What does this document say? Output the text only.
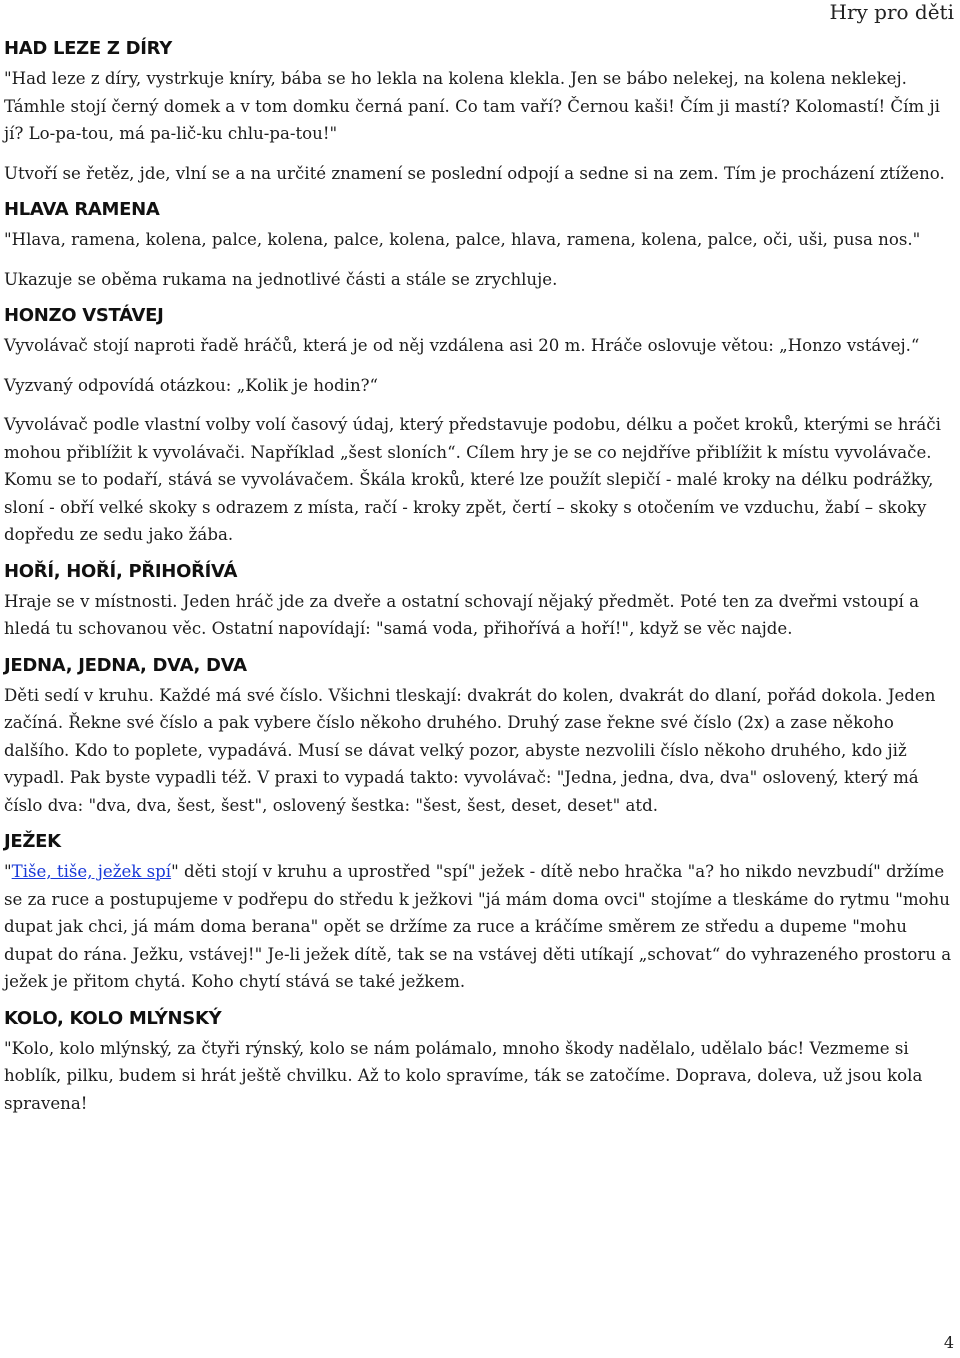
Hry pro děti
HAD LEZE Z DÍRY

"Had leze z díry, vystrkuje kníry, bába se ho lekla na kolena klekla. Jen se bábo nelekej, na kolena neklekej. Támhle stojí černý domek a v tom domku černá paní. Co tam vaří? Černou kaši! Čím ji mastí? Kolomastí! Čím ji jí? Lo-pa-tou, má pa-lič-ku chlu-pa-tou!"

Utvoří se řetěz, jde, vlní se a na určité znamení se poslední odpojí a sedne si na zem. Tím je procházení ztíženo.

HLAVA RAMENA

"Hlava, ramena, kolena, palce, kolena, palce, kolena, palce, hlava, ramena, kolena, palce, oči, uši, pusa nos."

Ukazuje se oběma rukama na jednotlivé části a stále se zrychluje.

HONZO VSTÁVEJ

Vyvolávač stojí naproti řadě hráčů, která je od něj vzdálena asi 20 m. Hráče oslovuje větou: „Honzo vstávej.“

Vyzvaný odpovídá otázkou: „Kolik je hodin?“

Vyvolávač podle vlastní volby volí časový údaj, který představuje podobu, délku a počet kroků, kterými se hráči mohou přiblížit k vyvolávači. Například „šest sloních“. Cílem hry je se co nejdříve přiblížit k místu vyvolávače. Komu se to podaří, stává se vyvolávačem. Škála kroků, které lze použít slepičí - malé kroky na délku podrážky, sloní - obří velké skoky s odrazem z místa, račí - kroky zpět, čertí – skoky s otočením ve vzduchu, žabí – skoky dopředu ze sedu jako žába.

HOŘÍ, HOŘÍ, PŘIHOŘÍVÁ

Hraje se v místnosti. Jeden hráč jde za dveře a ostatní schovají nějaký předmět. Poté ten za dveřmi vstoupí a hledá tu schovanou věc. Ostatní napovídají: "samá voda, přihořívá a hoří!", když se věc najde.

JEDNA, JEDNA, DVA, DVA

Děti sedí v kruhu. Každé má své číslo. Všichni tleskají: dvakrát do kolen, dvakrát do dlaní, pořád dokola. Jeden začíná. Řekne své číslo a pak vybere číslo někoho druhého. Druhý zase řekne své číslo (2x) a zase někoho dalšího. Kdo to poplete, vypadává. Musí se dávat velký pozor, abyste nezvolili číslo někoho druhého, kdo již vypadl. Pak byste vypadli též. V praxi to vypadá takto: vyvolávač: "Jedna, jedna, dva, dva" oslovený, který má číslo dva: "dva, dva, šest, šest", oslovený šestka: "šest, šest, deset, deset" atd.

JEŽEK

"Tiše, tiše, ježek spí" děti stojí v kruhu a uprostřed "spí" ježek - dítě nebo hračka "a? ho nikdo nevzbudí" držíme se za ruce a postupujeme v podřepu do středu k ježkovi "já mám doma ovci" stojíme a tleskáme do rytmu "mohu dupat jak chci, já mám doma berana" opět se držíme za ruce a kráčíme směrem ze středu a dupeme "mohu dupat do rána. Ježku, vstávej!" Je-li ježek dítě, tak se na vstávej děti utíkají „schovat“ do vyhrazeného prostoru a ježek je přitom chytá. Koho chytí stává se také ježkem.

KOLO, KOLO MLÝNSKÝ

"Kolo, kolo mlýnský, za čtyři rýnský, kolo se nám polámalo, mnoho škody nadělalo, udělalo bác! Vezmeme si hoblík, pilku, budem si hrát ještě chvilku. Až to kolo spravíme, ták se zatočíme. Doprava, doleva, už jsou kola spravena!

4
